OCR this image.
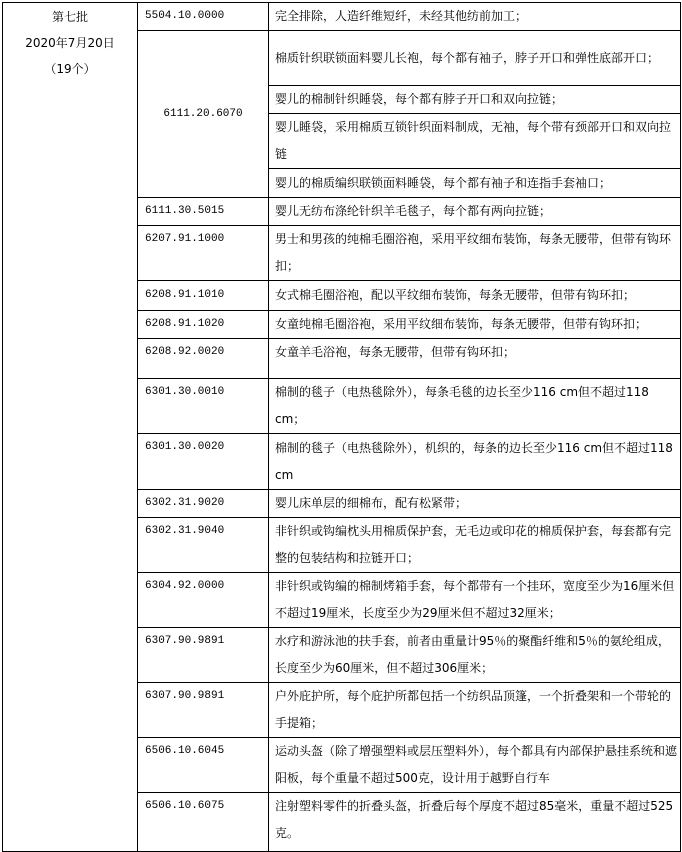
第七批
2020年7月20日
（19个）	5504.10.0000	完全排除，人造纤维短纤，未经其他纺前加工；
	6111.20.6070	棉质针织联锁面料婴儿长袍，每个都有袖子，脖子开口和弹性底部开口；
		婴儿的棉制针织睡袋，每个都有脖子开口和双向拉链；
		婴儿睡袋，采用棉质互锁针织面料制成，无袖，每个带有颈部开口和双向拉链
		婴儿的棉质编织联锁面料睡袋，每个都有袖子和连指手套袖口；
	6111.30.5015	婴儿无纺布涤纶针织羊毛毯子，每个都有两向拉链；
	6207.91.1000	男士和男孩的纯棉毛圈浴袍，采用平纹细布装饰，每条无腰带，但带有钩环扣；
	6208.91.1010	女式棉毛圈浴袍，配以平纹细布装饰，每条无腰带，但带有钩环扣；
	6208.91.1020	女童纯棉毛圈浴袍，采用平纹细布装饰，每条无腰带，但带有钩环扣；
	6208.92.0020	女童羊毛浴袍，每条无腰带，但带有钩环扣；
	6301.30.0010	棉制的毯子（电热毯除外），每条毛毯的边长至少116 cm但不超过118 cm；
	6301.30.0020	棉制的毯子（电热毯除外），机织的，每条的边长至少116 cm但不超过118 cm
	6302.31.9020	婴儿床单层的细棉布，配有松紧带；
	6302.31.9040	非针织或钩编枕头用棉质保护套，无毛边或印花的棉质保护套，每套都有完整的包装结构和拉链开口；
	6304.92.0000	非针织或钩编的棉制烤箱手套，每个都带有一个挂环，宽度至少为16厘米但不超过19厘米，长度至少为29厘米但不超过32厘米；
	6307.90.9891	水疗和游泳池的扶手套，前者由重量计95％的聚酯纤维和5％的氨纶组成，长度至少为60厘米，但不超过306厘米；
	6307.90.9891	户外庇护所，每个庇护所都包括一个纺织品顶篷，一个折叠架和一个带轮的手提箱；
	6506.10.6045	运动头盔（除了增强塑料或层压塑料外），每个都具有内部保护悬挂系统和遮阳板，每个重量不超过500克，设计用于越野自行车
	6506.10.6075	注射塑料零件的折叠头盔，折叠后每个厚度不超过85毫米，重量不超过525克。
